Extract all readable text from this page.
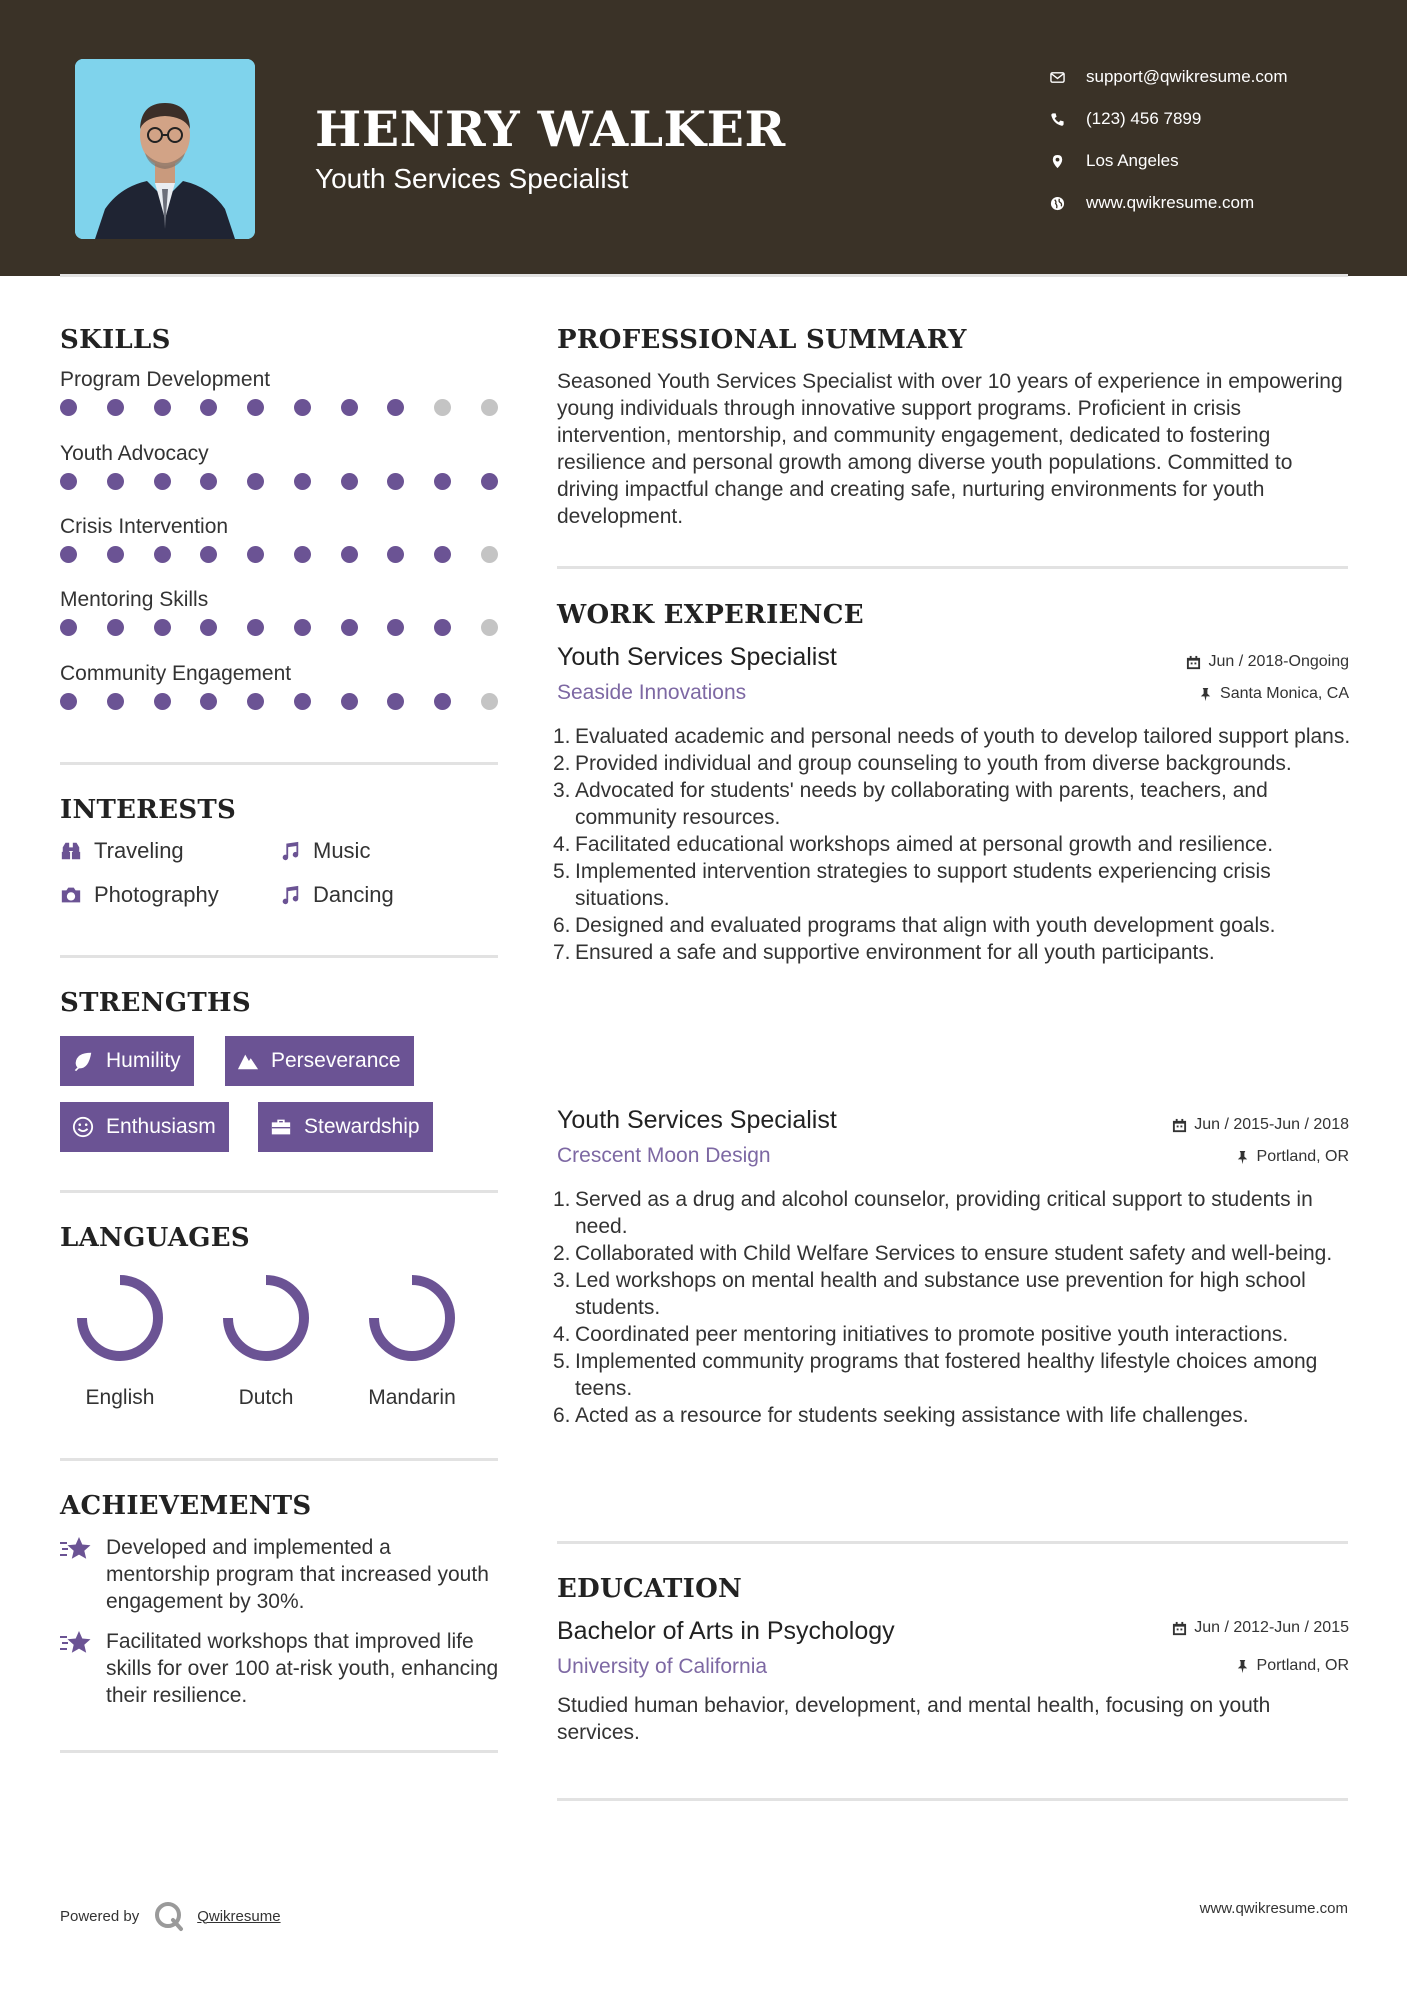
HENRY WALKER
Youth Services Specialist
support@qwikresume.com
(123) 456 7899
Los Angeles
www.qwikresume.com
SKILLS
Program Development
Youth Advocacy
Crisis Intervention
Mentoring Skills
Community Engagement
INTERESTS
Traveling	Music
Photography	Dancing
STRENGTHS
Humility	Perseverance
Enthusiasm	Stewardship
LANGUAGES
English	Dutch	Mandarin
ACHIEVEMENTS
Developed and implemented a mentorship program that increased youth engagement by 30%.
Facilitated workshops that improved life skills for over 100 at-risk youth, enhancing their resilience.
PROFESSIONAL SUMMARY
Seasoned Youth Services Specialist with over 10 years of experience in empowering young individuals through innovative support programs. Proficient in crisis intervention, mentorship, and community engagement, dedicated to fostering resilience and personal growth among diverse youth populations. Committed to driving impactful change and creating safe, nurturing environments for youth development.
WORK EXPERIENCE
Youth Services Specialist	Jun / 2018-Ongoing
Seaside Innovations	Santa Monica, CA
1. Evaluated academic and personal needs of youth to develop tailored support plans.
2. Provided individual and group counseling to youth from diverse backgrounds.
3. Advocated for students' needs by collaborating with parents, teachers, and community resources.
4. Facilitated educational workshops aimed at personal growth and resilience.
5. Implemented intervention strategies to support students experiencing crisis situations.
6. Designed and evaluated programs that align with youth development goals.
7. Ensured a safe and supportive environment for all youth participants.
Youth Services Specialist	Jun / 2015-Jun / 2018
Crescent Moon Design	Portland, OR
1. Served as a drug and alcohol counselor, providing critical support to students in need.
2. Collaborated with Child Welfare Services to ensure student safety and well-being.
3. Led workshops on mental health and substance use prevention for high school students.
4. Coordinated peer mentoring initiatives to promote positive youth interactions.
5. Implemented community programs that fostered healthy lifestyle choices among teens.
6. Acted as a resource for students seeking assistance with life challenges.
EDUCATION
Bachelor of Arts in Psychology	Jun / 2012-Jun / 2015
University of California	Portland, OR
Studied human behavior, development, and mental health, focusing on youth services.
Powered by	Qwikresume	www.qwikresume.com
